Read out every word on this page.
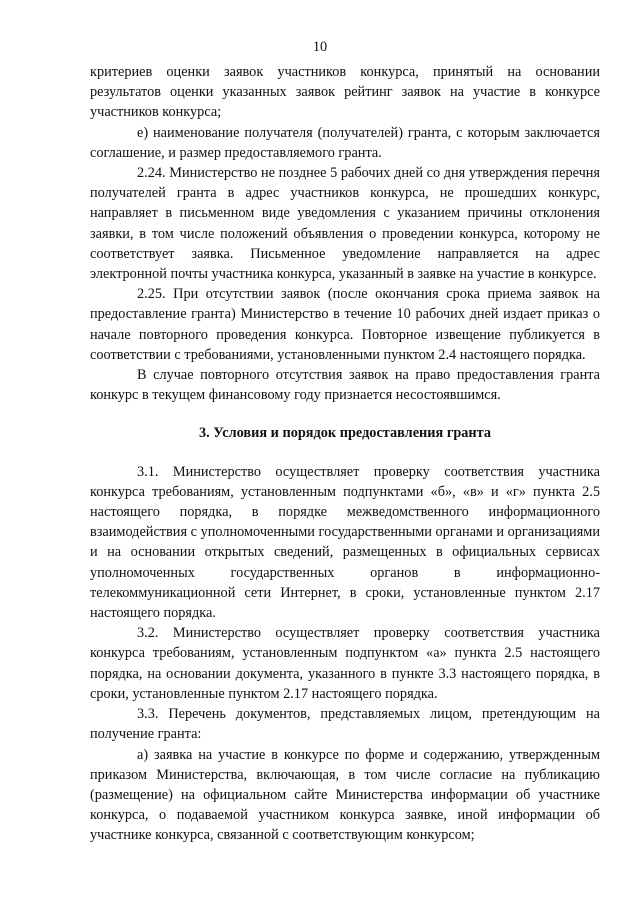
10

критериев оценки заявок участников конкурса, принятый на основании результатов оценки указанных заявок рейтинг заявок на участие в конкурсе участников конкурса;

е) наименование получателя (получателей) гранта, с которым заключается соглашение, и размер предоставляемого гранта.

2.24. Министерство не позднее 5 рабочих дней со дня утверждения перечня получателей гранта в адрес участников конкурса, не прошедших конкурс, направляет в письменном виде уведомления с указанием причины отклонения заявки, в том числе положений объявления о проведении конкурса, которому не соответствует заявка. Письменное уведомление направляется на адрес электронной почты участника конкурса, указанный в заявке на участие в конкурсе.

2.25. При отсутствии заявок (после окончания срока приема заявок на предоставление гранта) Министерство в течение 10 рабочих дней издает приказ о начале повторного проведения конкурса. Повторное извещение публикуется в соответствии с требованиями, установленными пунктом 2.4 настоящего порядка.

В случае повторного отсутствия заявок на право предоставления гранта конкурс в текущем финансовому году признается несостоявшимся.

3. Условия и порядок предоставления гранта

3.1. Министерство осуществляет проверку соответствия участника конкурса требованиям, установленным подпунктами «б», «в» и «г» пункта 2.5 настоящего порядка, в порядке межведомственного информационного взаимодействия с уполномоченными государственными органами и организациями и на основании открытых сведений, размещенных в официальных сервисах уполномоченных государственных органов в информационно-телекоммуникационной сети Интернет, в сроки, установленные пунктом 2.17 настоящего порядка.

3.2. Министерство осуществляет проверку соответствия участника конкурса требованиям, установленным подпунктом «а» пункта 2.5 настоящего порядка, на основании документа, указанного в пункте 3.3 настоящего порядка, в сроки, установленные пунктом 2.17 настоящего порядка.

3.3. Перечень документов, представляемых лицом, претендующим на получение гранта:

а) заявка на участие в конкурсе по форме и содержанию, утвержденным приказом Министерства, включающая, в том числе согласие на публикацию (размещение) на официальном сайте Министерства информации об участнике конкурса, о подаваемой участником конкурса заявке, иной информации об участнике конкурса, связанной с соответствующим конкурсом;
